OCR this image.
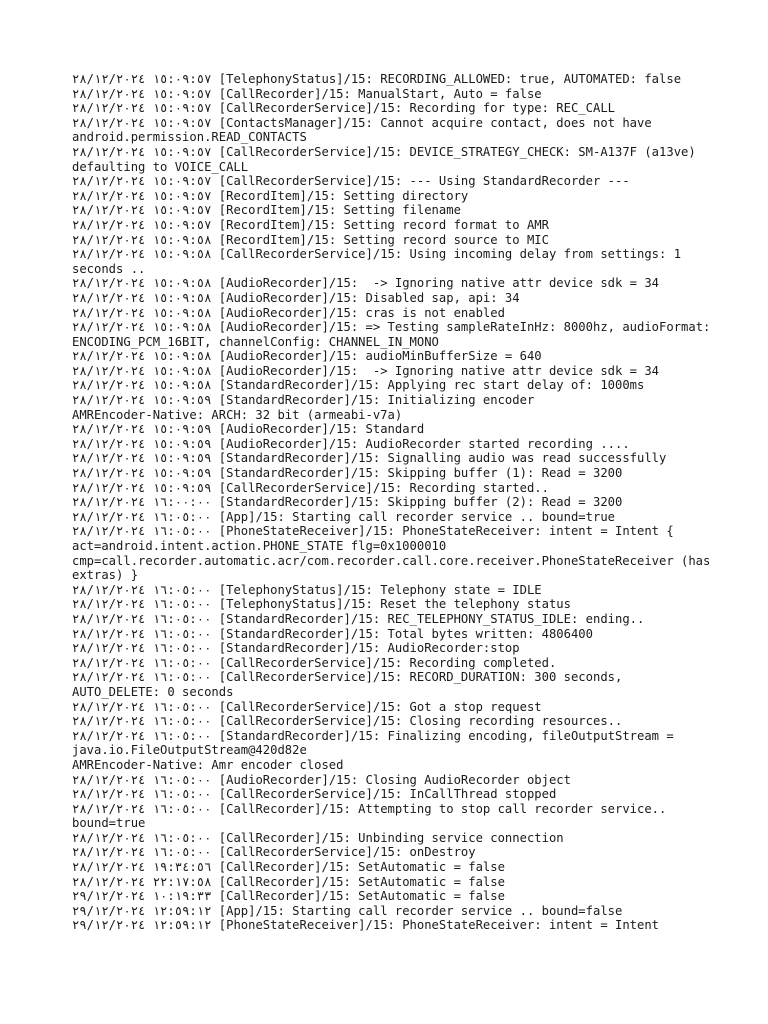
١٥:٠٩:٥٧ ٢٨/١٢/٢٠٢٤ [TelephonyStatus]/15: RECORDING_ALLOWED: true, AUTOMATED: false
١٥:٠٩:٥٧ ٢٨/١٢/٢٠٢٤ [CallRecorder]/15: ManualStart, Auto = false
١٥:٠٩:٥٧ ٢٨/١٢/٢٠٢٤ [CallRecorderService]/15: Recording for type: REC_CALL
١٥:٠٩:٥٧ ٢٨/١٢/٢٠٢٤ [ContactsManager]/15: Cannot acquire contact, does not have android.permission.READ_CONTACTS
١٥:٠٩:٥٧ ٢٨/١٢/٢٠٢٤ [CallRecorderService]/15: DEVICE_STRATEGY_CHECK: SM-A137F (a13ve) defaulting to VOICE_CALL
١٥:٠٩:٥٧ ٢٨/١٢/٢٠٢٤ [CallRecorderService]/15: --- Using StandardRecorder ---
١٥:٠٩:٥٧ ٢٨/١٢/٢٠٢٤ [RecordItem]/15: Setting directory
١٥:٠٩:٥٧ ٢٨/١٢/٢٠٢٤ [RecordItem]/15: Setting filename
١٥:٠٩:٥٧ ٢٨/١٢/٢٠٢٤ [RecordItem]/15: Setting record format to AMR
١٥:٠٩:٥٨ ٢٨/١٢/٢٠٢٤ [RecordItem]/15: Setting record source to MIC
١٥:٠٩:٥٨ ٢٨/١٢/٢٠٢٤ [CallRecorderService]/15: Using incoming delay from settings: 1 seconds ..
١٥:٠٩:٥٨ ٢٨/١٢/٢٠٢٤ [AudioRecorder]/15:  -> Ignoring native attr device sdk = 34
١٥:٠٩:٥٨ ٢٨/١٢/٢٠٢٤ [AudioRecorder]/15: Disabled sap, api: 34
١٥:٠٩:٥٨ ٢٨/١٢/٢٠٢٤ [AudioRecorder]/15: cras is not enabled
١٥:٠٩:٥٨ ٢٨/١٢/٢٠٢٤ [AudioRecorder]/15: => Testing sampleRateInHz: 8000hz, audioFormat: ENCODING_PCM_16BIT, channelConfig: CHANNEL_IN_MONO
١٥:٠٩:٥٨ ٢٨/١٢/٢٠٢٤ [AudioRecorder]/15: audioMinBufferSize = 640
١٥:٠٩:٥٨ ٢٨/١٢/٢٠٢٤ [AudioRecorder]/15:  -> Ignoring native attr device sdk = 34
١٥:٠٩:٥٨ ٢٨/١٢/٢٠٢٤ [StandardRecorder]/15: Applying rec start delay of: 1000ms
١٥:٠٩:٥٩ ٢٨/١٢/٢٠٢٤ [StandardRecorder]/15: Initializing encoder
AMREncoder-Native: ARCH: 32 bit (armeabi-v7a)
١٥:٠٩:٥٩ ٢٨/١٢/٢٠٢٤ [AudioRecorder]/15: Standard
١٥:٠٩:٥٩ ٢٨/١٢/٢٠٢٤ [AudioRecorder]/15: AudioRecorder started recording ....
١٥:٠٩:٥٩ ٢٨/١٢/٢٠٢٤ [StandardRecorder]/15: Signalling audio was read successfully
١٥:٠٩:٥٩ ٢٨/١٢/٢٠٢٤ [StandardRecorder]/15: Skipping buffer (1): Read = 3200
١٥:٠٩:٥٩ ٢٨/١٢/٢٠٢٤ [CallRecorderService]/15: Recording started..
١٦:٠٠:٠٠ ٢٨/١٢/٢٠٢٤ [StandardRecorder]/15: Skipping buffer (2): Read = 3200
١٦:٠٥:٠٠ ٢٨/١٢/٢٠٢٤ [App]/15: Starting call recorder service .. bound=true
١٦:٠٥:٠٠ ٢٨/١٢/٢٠٢٤ [PhoneStateReceiver]/15: PhoneStateReceiver: intent = Intent { act=android.intent.action.PHONE_STATE flg=0x1000010 cmp=call.recorder.automatic.acr/com.recorder.call.core.receiver.PhoneStateReceiver (has extras) }
١٦:٠٥:٠٠ ٢٨/١٢/٢٠٢٤ [TelephonyStatus]/15: Telephony state = IDLE
١٦:٠٥:٠٠ ٢٨/١٢/٢٠٢٤ [TelephonyStatus]/15: Reset the telephony status
١٦:٠٥:٠٠ ٢٨/١٢/٢٠٢٤ [StandardRecorder]/15: REC_TELEPHONY_STATUS_IDLE: ending..
١٦:٠٥:٠٠ ٢٨/١٢/٢٠٢٤ [StandardRecorder]/15: Total bytes written: 4806400
١٦:٠٥:٠٠ ٢٨/١٢/٢٠٢٤ [StandardRecorder]/15: AudioRecorder:stop
١٦:٠٥:٠٠ ٢٨/١٢/٢٠٢٤ [CallRecorderService]/15: Recording completed.
١٦:٠٥:٠٠ ٢٨/١٢/٢٠٢٤ [CallRecorderService]/15: RECORD_DURATION: 300 seconds, AUTO_DELETE: 0 seconds
١٦:٠٥:٠٠ ٢٨/١٢/٢٠٢٤ [CallRecorderService]/15: Got a stop request
١٦:٠٥:٠٠ ٢٨/١٢/٢٠٢٤ [CallRecorderService]/15: Closing recording resources..
١٦:٠٥:٠٠ ٢٨/١٢/٢٠٢٤ [StandardRecorder]/15: Finalizing encoding, fileOutputStream = java.io.FileOutputStream@420d82e
AMREncoder-Native: Amr encoder closed
١٦:٠٥:٠٠ ٢٨/١٢/٢٠٢٤ [AudioRecorder]/15: Closing AudioRecorder object
١٦:٠٥:٠٠ ٢٨/١٢/٢٠٢٤ [CallRecorderService]/15: InCallThread stopped
١٦:٠٥:٠٠ ٢٨/١٢/٢٠٢٤ [CallRecorder]/15: Attempting to stop call recorder service.. bound=true
١٦:٠٥:٠٠ ٢٨/١٢/٢٠٢٤ [CallRecorder]/15: Unbinding service connection
١٦:٠٥:٠٠ ٢٨/١٢/٢٠٢٤ [CallRecorderService]/15: onDestroy
١٩:٣٤:٥٦ ٢٨/١٢/٢٠٢٤ [CallRecorder]/15: SetAutomatic = false
٢٢:١٧:٥٨ ٢٨/١٢/٢٠٢٤ [CallRecorder]/15: SetAutomatic = false
١٠:١٩:٣٣ ٢٩/١٢/٢٠٢٤ [CallRecorder]/15: SetAutomatic = false
١٢:٥٩:١٢ ٢٩/١٢/٢٠٢٤ [App]/15: Starting call recorder service .. bound=false
١٢:٥٩:١٢ ٢٩/١٢/٢٠٢٤ [PhoneStateReceiver]/15: PhoneStateReceiver: intent = Intent
